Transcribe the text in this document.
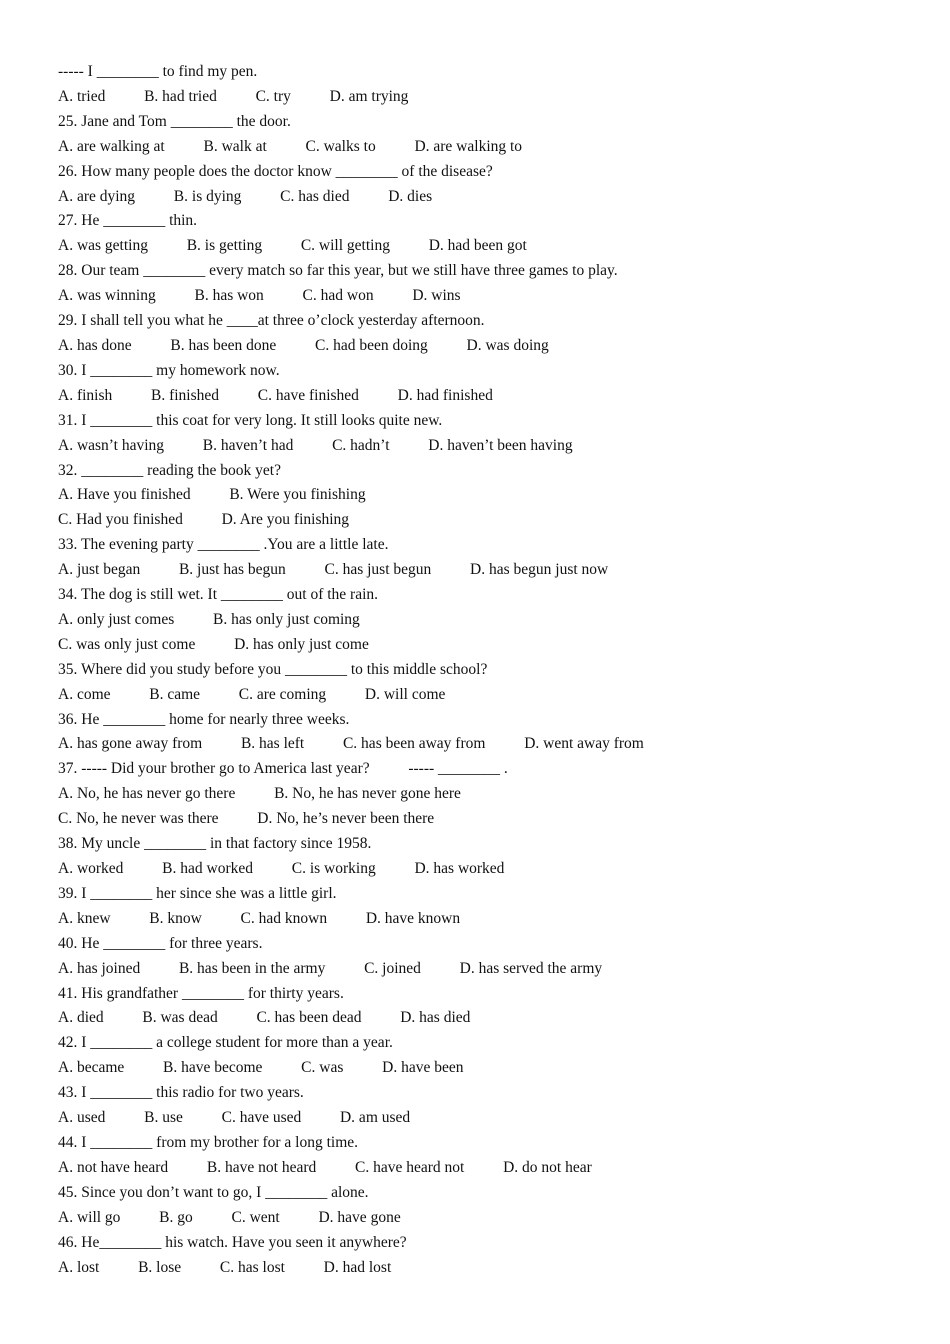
----- I ________ to find my pen.
A. tried          B. had tried          C. try          D. am trying
25. Jane and Tom ________ the door.
A. are walking at          B. walk at          C. walks to          D. are walking to
26. How many people does the doctor know ________ of the disease?
A. are dying          B. is dying          C. has died          D. dies
27. He ________ thin.
A. was getting          B. is getting          C. will getting          D. had been got
28. Our team ________ every match so far this year, but we still have three games to play.
A. was winning          B. has won          C. had won          D. wins
29. I shall tell you what he ____at three o’clock yesterday afternoon.
A. has done          B. has been done          C. had been doing          D. was doing
30. I ________ my homework now.
A. finish          B. finished          C. have finished          D. had finished
31. I ________ this coat for very long. It still looks quite new.
A. wasn’t having          B. haven’t had          C. hadn’t          D. haven’t been having
32. ________ reading the book yet?
A. Have you finished          B. Were you finishing
C. Had you finished          D. Are you finishing
33. The evening party ________ .You are a little late.
A. just began          B. just has begun          C. has just begun          D. has begun just now
34. The dog is still wet. It ________ out of the rain.
A. only just comes          B. has only just coming
C. was only just come          D. has only just come
35. Where did you study before you ________ to this middle school?
A. come          B. came          C. are coming          D. will come
36. He ________ home for nearly three weeks.
A. has gone away from          B. has left          C. has been away from          D. went away from
37. ----- Did your brother go to America last year?          ----- ________ .
A. No, he has never go there          B. No, he has never gone here
C. No, he never was there          D. No, he’s never been there
38. My uncle ________ in that factory since 1958.
A. worked          B. had worked          C. is working          D. has worked
39. I ________ her since she was a little girl.
A. knew          B. know          C. had known          D. have known
40. He ________ for three years.
A. has joined          B. has been in the army          C. joined          D. has served the army
41. His grandfather ________ for thirty years.
A. died          B. was dead          C. has been dead          D. has died
42. I ________ a college student for more than a year.
A. became          B. have become          C. was          D. have been
43. I ________ this radio for two years.
A. used          B. use          C. have used          D. am used
44. I ________ from my brother for a long time.
A. not have heard          B. have not heard          C. have heard not          D. do not hear
45. Since you don’t want to go, I ________ alone.
A. will go          B. go          C. went          D. have gone
46. He________ his watch. Have you seen it anywhere?
A. lost          B. lose          C. has lost          D. had lost
